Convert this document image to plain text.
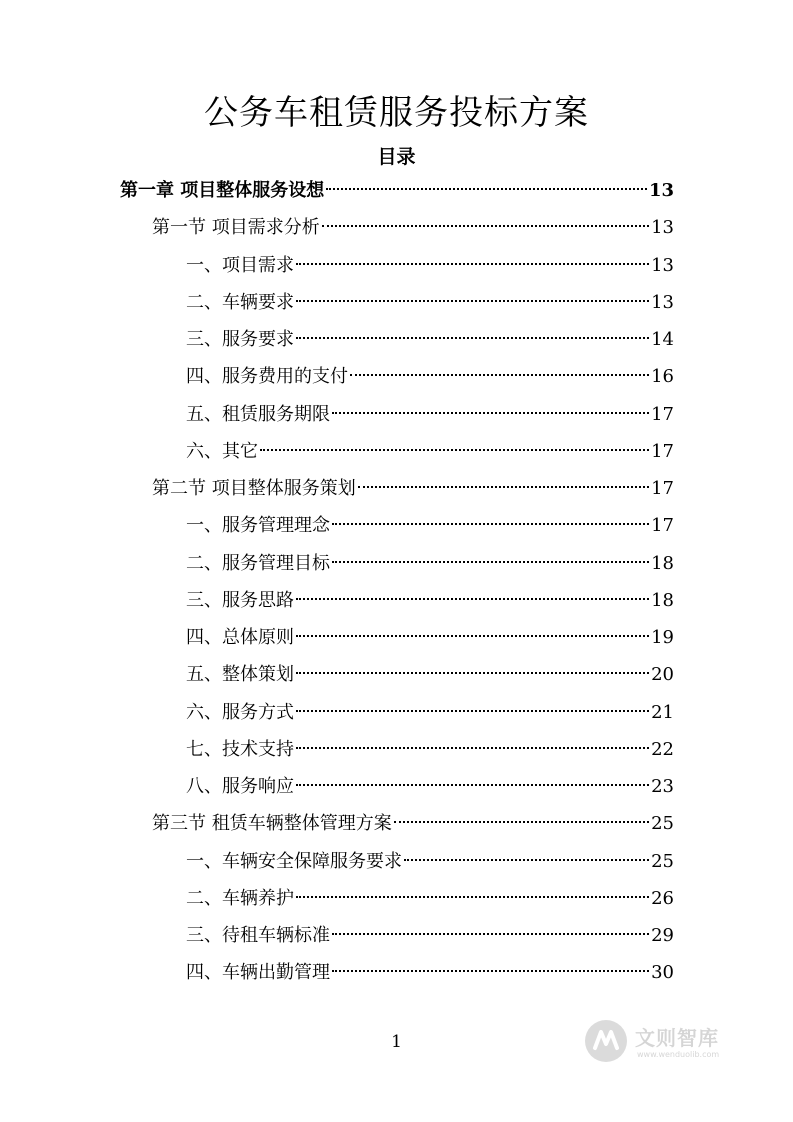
公务车租赁服务投标方案
目录
第一章 项目整体服务设想	13
第一节 项目需求分析	13
一、项目需求	13
二、车辆要求	13
三、服务要求	14
四、服务费用的支付	16
五、租赁服务期限	17
六、其它	17
第二节 项目整体服务策划	17
一、服务管理理念	17
二、服务管理目标	18
三、服务思路	18
四、总体原则	19
五、整体策划	20
六、服务方式	21
七、技术支持	22
八、服务响应	23
第三节 租赁车辆整体管理方案	25
一、车辆安全保障服务要求	25
二、车辆养护	26
三、待租车辆标准	29
四、车辆出勤管理	30
1	文则智库
www.wenduolib.com
